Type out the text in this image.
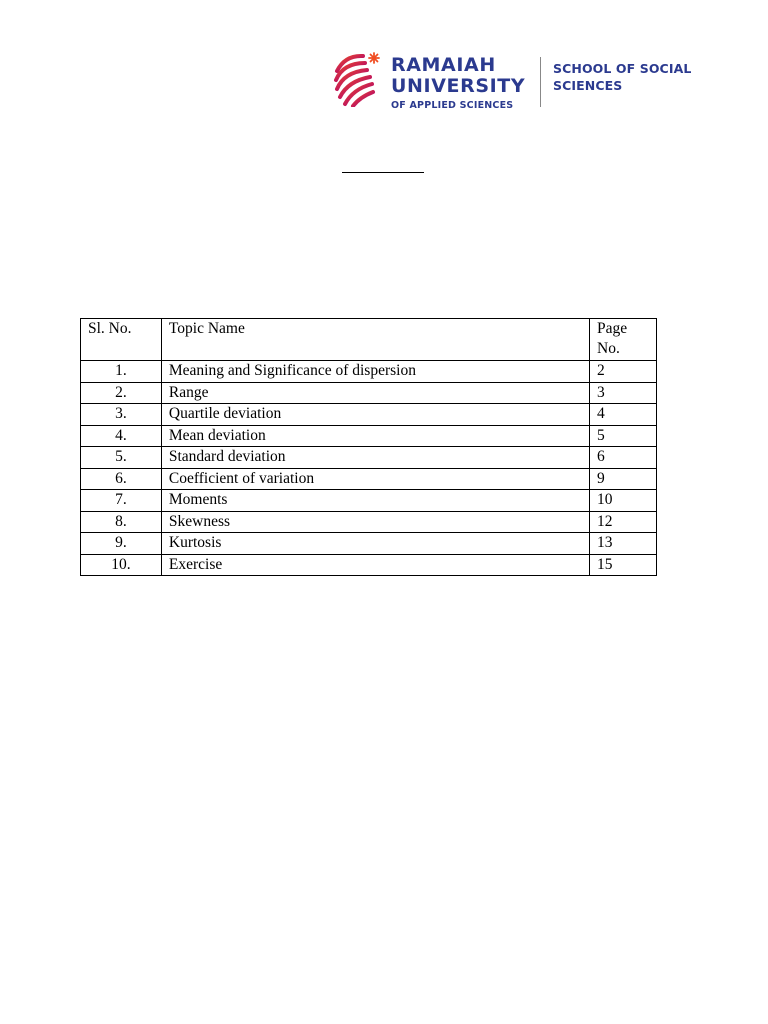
RAMAIAH
UNIVERSITY
OF APPLIED SCIENCES
SCHOOL OF SOCIAL
SCIENCES
Sl. No.	Topic Name	Page No.

1.	Meaning and Significance of dispersion	2
2.	Range	3
3.	Quartile deviation	4
4.	Mean deviation	5
5.	Standard deviation	6
6.	Coefficient of variation	9
7.	Moments	10
8.	Skewness	12
9.	Kurtosis	13
10.	Exercise	15
